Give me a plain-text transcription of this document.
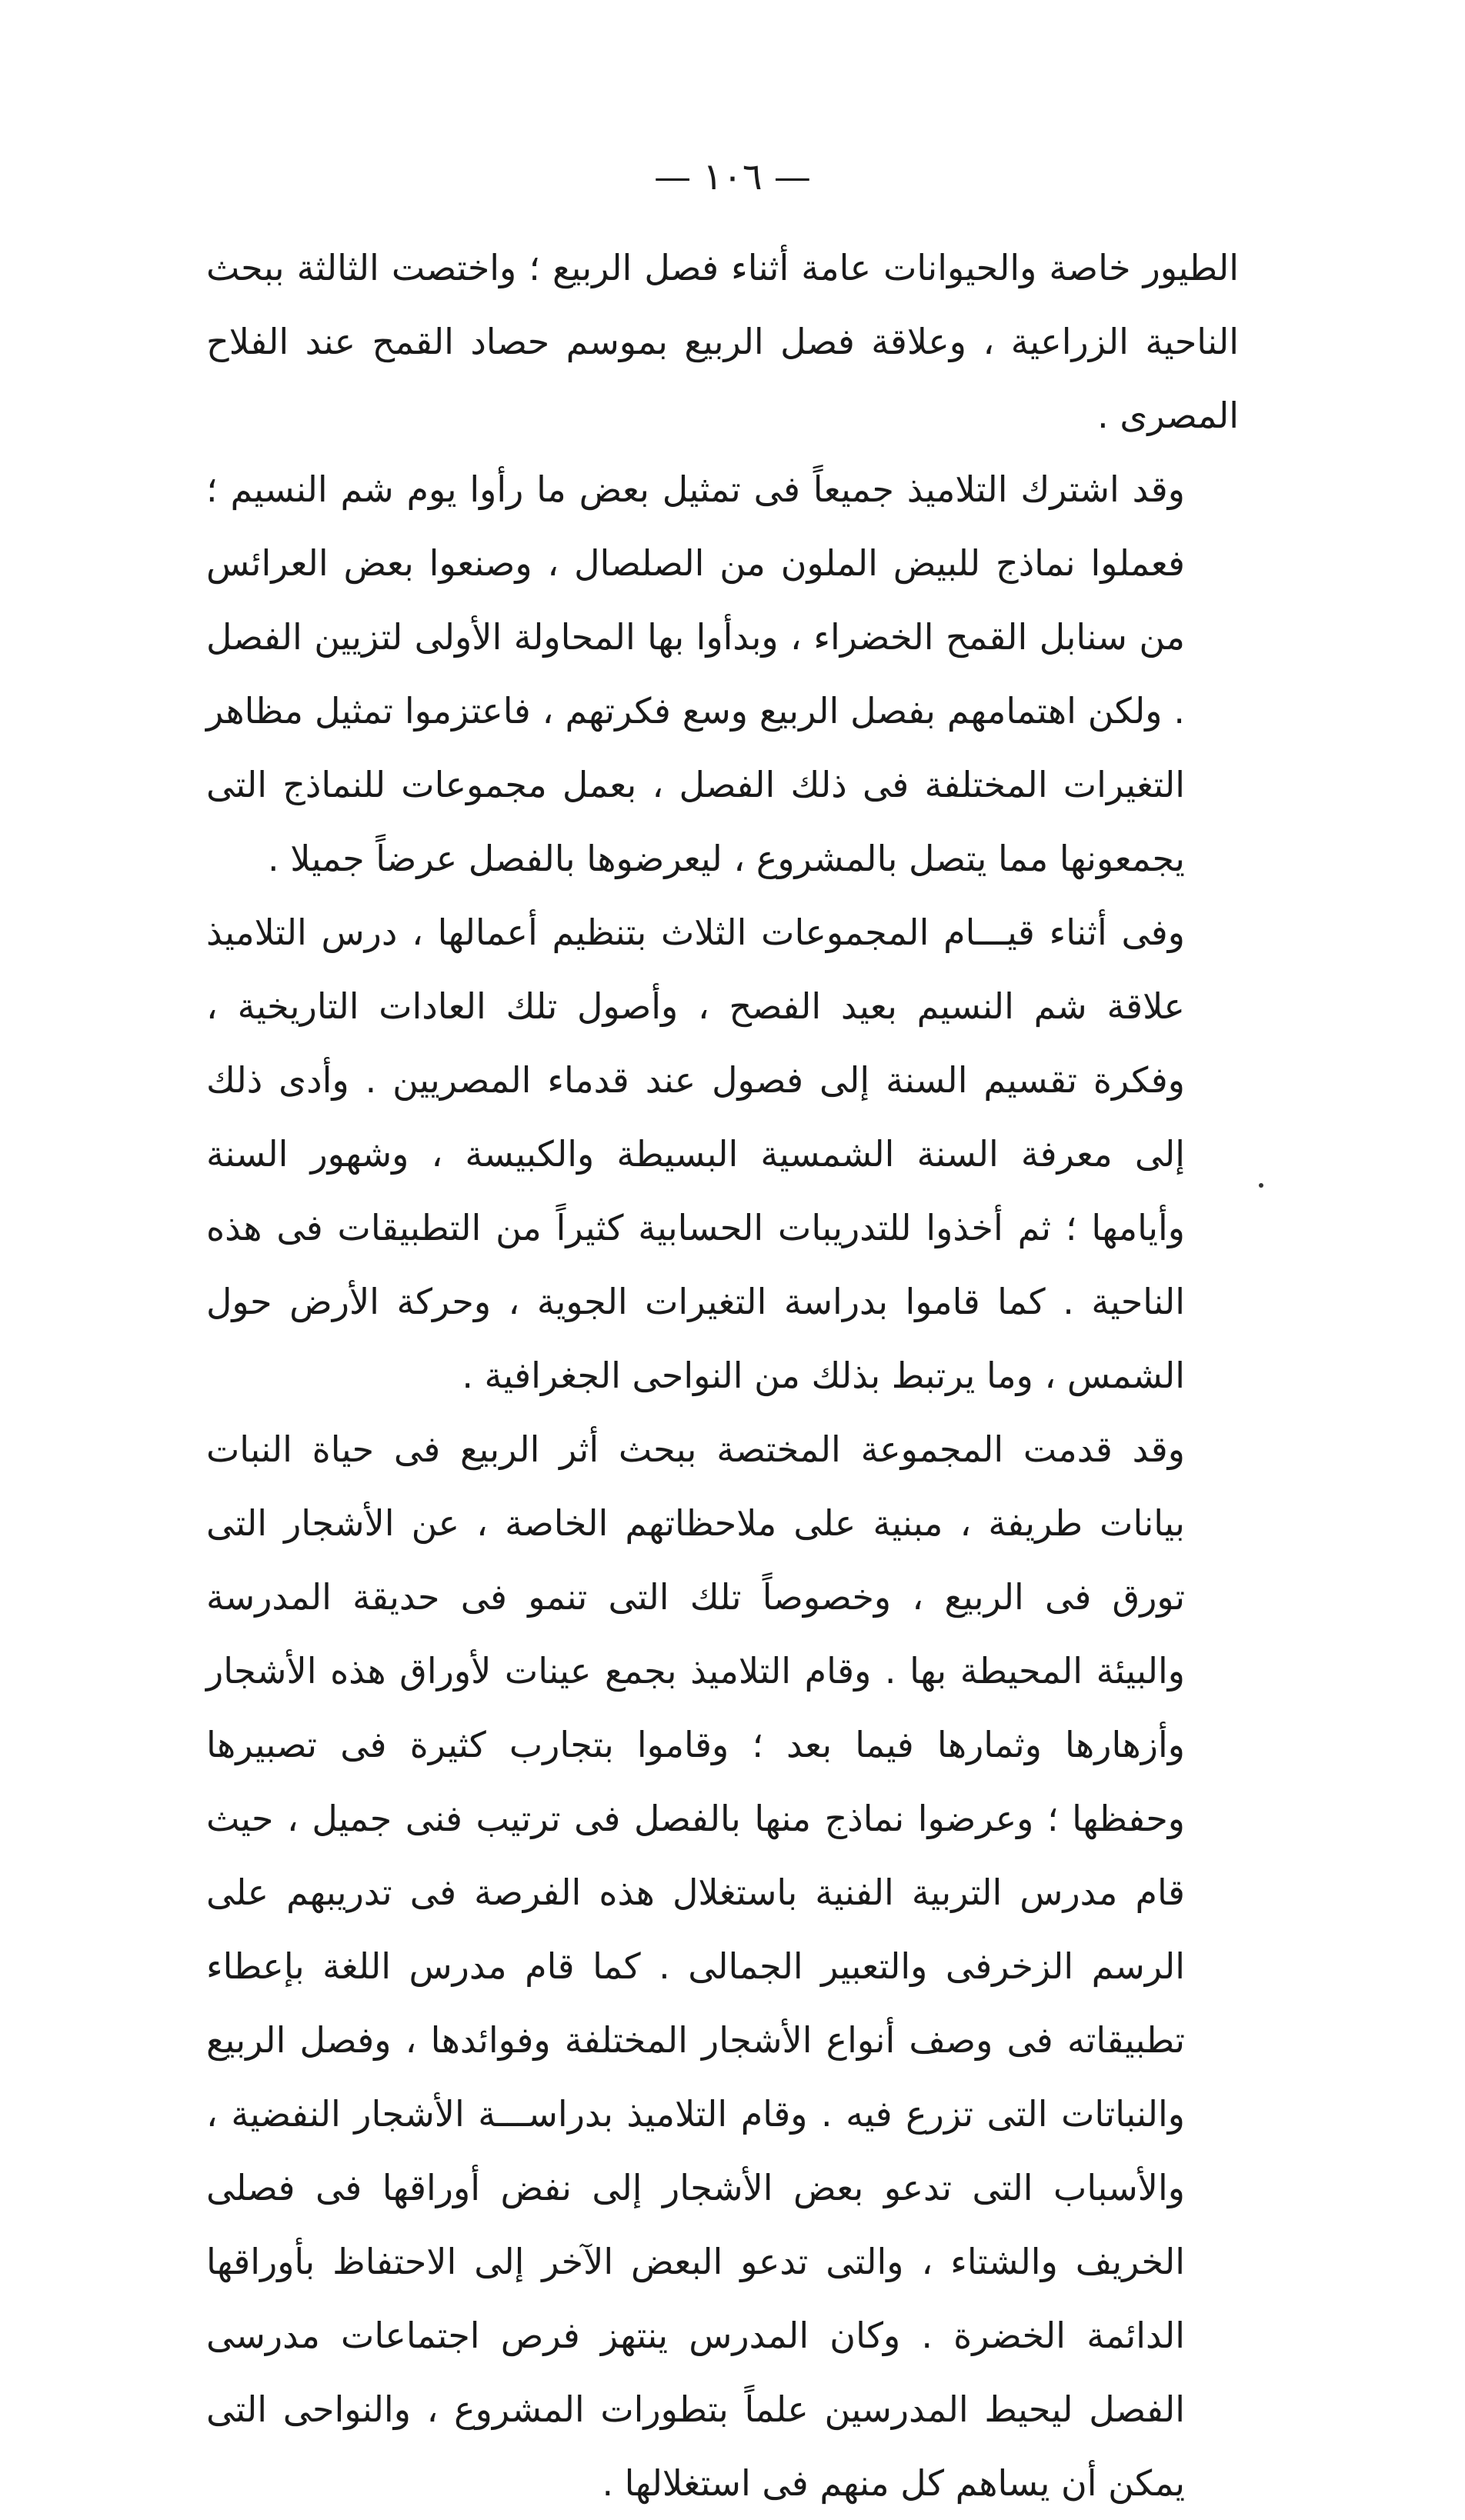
— ١٠٦ —

الطيور خاصة والحيوانات عامة أثناء فصل الربيع ؛ واختصت الثالثة ببحث الناحية الزراعية ، وعلاقة فصل الربيع بموسم حصاد القمح عند الفلاح المصرى .

وقد اشترك التلاميذ جميعاً فى تمثيل بعض ما رأوا يوم شم النسيم ؛ فعملوا نماذج للبيض الملون من الصلصال ، وصنعوا بعض العرائس من سنابل القمح الخضراء ، وبدأوا بها المحاولة الأولى لتزيين الفصل . ولكن اهتمامهم بفصل الربيع وسع فكرتهم ، فاعتزموا تمثيل مظاهر التغيرات المختلفة فى ذلك الفصل ، بعمل مجموعات للنماذج التى يجمعونها مما يتصل بالمشروع ، ليعرضوها بالفصل عرضاً جميلا .

وفى أثناء قيـــام المجموعات الثلاث بتنظيم أعمالها ، درس التلاميذ علاقة شم النسيم بعيد الفصح ، وأصول تلك العادات التاريخية ، وفكرة تقسيم السنة إلى فصول عند قدماء المصريين . وأدى ذلك إلى معرفة السنة الشمسية البسيطة والكبيسة ، وشهور السنة وأيامها ؛ ثم أخذوا للتدريبات الحسابية كثيراً من التطبيقات فى هذه الناحية . كما قاموا بدراسة التغيرات الجوية ، وحركة الأرض حول الشمس ، وما يرتبط بذلك من النواحى الجغرافية .

وقد قدمت المجموعة المختصة ببحث أثر الربيع فى حياة النبات بيانات طريفة ، مبنية على ملاحظاتهم الخاصة ، عن الأشجار التى تورق فى الربيع ، وخصوصاً تلك التى تنمو فى حديقة المدرسة والبيئة المحيطة بها . وقام التلاميذ بجمع عينات لأوراق هذه الأشجار وأزهارها وثمارها فيما بعد ؛ وقاموا بتجارب كثيرة فى تصبيرها وحفظها ؛ وعرضوا نماذج منها بالفصل فى ترتيب فنى جميل ، حيث قام مدرس التربية الفنية باستغلال هذه الفرصة فى تدريبهم على الرسم الزخرفى والتعبير الجمالى . كما قام مدرس اللغة بإعطاء تطبيقاته فى وصف أنواع الأشجار المختلفة وفوائدها ، وفصل الربيع والنباتات التى تزرع فيه . وقام التلاميذ بدراســـة الأشجار النفضية ، والأسباب التى تدعو بعض الأشجار إلى نفض أوراقها فى فصلى الخريف والشتاء ، والتى تدعو البعض الآخر إلى الاحتفاظ بأوراقها الدائمة الخضرة . وكان المدرس ينتهز فرص اجتماعات مدرسى الفصل ليحيط المدرسين علماً بتطورات المشروع ، والنواحى التى يمكن أن يساهم كل منهم فى استغلالها .
